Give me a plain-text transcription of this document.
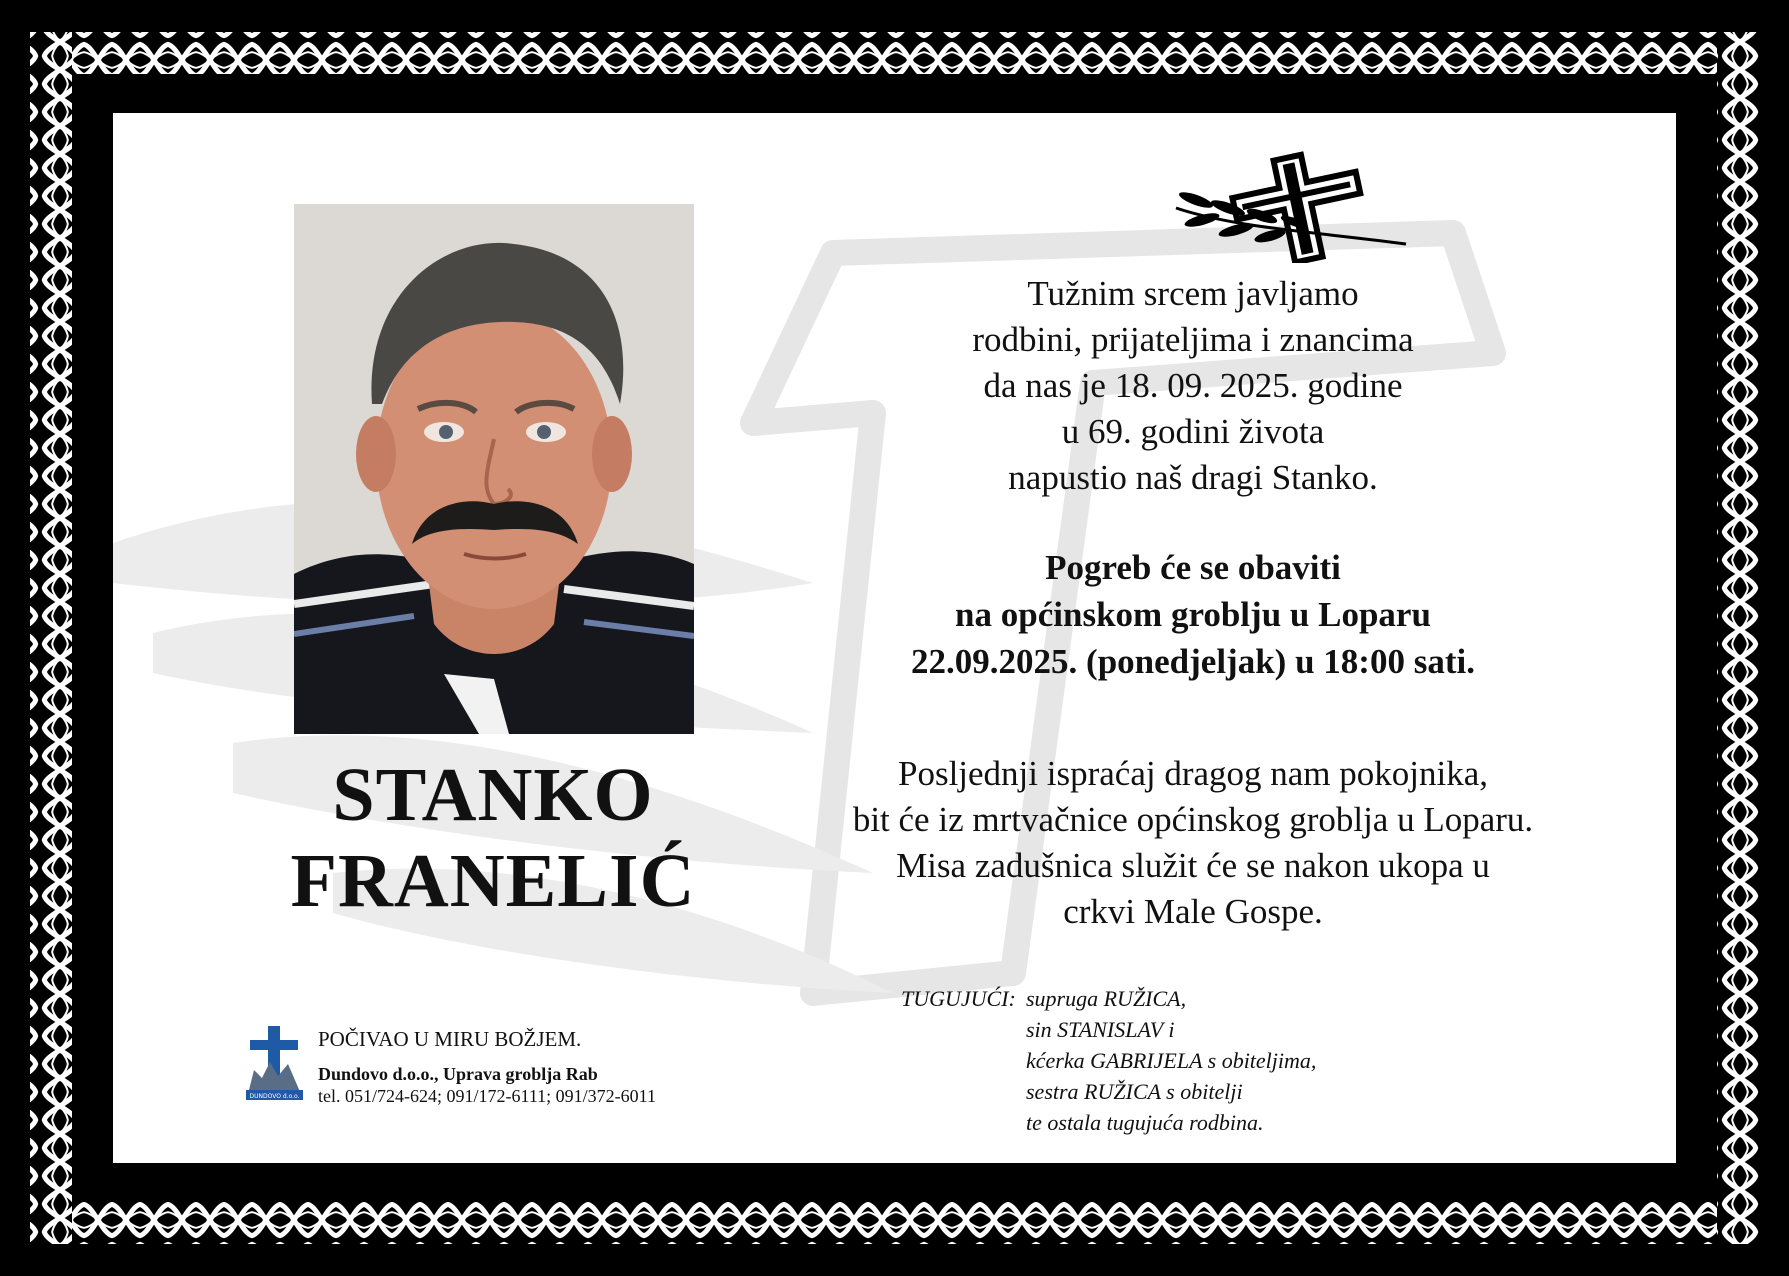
STANKO
FRANELIĆ
Tužnim srcem javljamo
rodbini, prijateljima i znancima
da nas je 18. 09. 2025. godine
u 69. godini života
napustio naš dragi Stanko.
Pogreb će se obaviti
na općinskom groblju u Loparu
22.09.2025. (ponedjeljak) u 18:00 sati.
Posljednji ispraćaj dragog nam pokojnika,
bit će iz mrtvačnice općinskog groblja u Loparu.
Misa zadušnica služit će se nakon ukopa u
crkvi Male Gospe.
TUGUJUĆI: supruga RUŽICA,
sin STANISLAV i
kćerka GABRIJELA s obiteljima,
sestra RUŽICA s obitelji
te ostala tugujuća rodbina.
DUNDOVO d.o.o.
POČIVAO U MIRU BOŽJEM.
Dundovo d.o.o., Uprava groblja Rab
tel. 051/724-624; 091/172-6111; 091/372-6011
